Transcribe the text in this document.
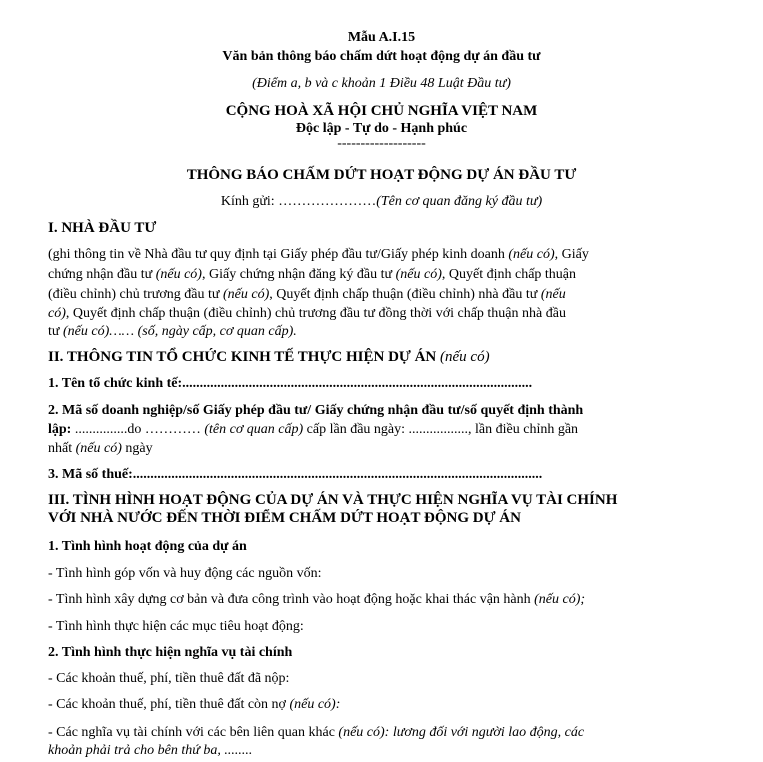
Mẫu A.I.15
Văn bản thông báo chấm dứt hoạt động dự án đầu tư
(Điểm a, b và c khoản 1 Điều 48 Luật Đầu tư)
CỘNG HOÀ XÃ HỘI CHỦ NGHĨA VIỆT NAM
Độc lập - Tự do - Hạnh phúc
-------------------
THÔNG BÁO CHẤM DỨT HOẠT ĐỘNG DỰ ÁN ĐẦU TƯ
Kính gửi: …………………(Tên cơ quan đăng ký đầu tư)
I. NHÀ ĐẦU TƯ
(ghi thông tin về Nhà đầu tư quy định tại Giấy phép đầu tư/Giấy phép kinh doanh (nếu có), Giấy
chứng nhận đầu tư (nếu có), Giấy chứng nhận đăng ký đầu tư (nếu có), Quyết định chấp thuận
(điều chỉnh) chủ trương đầu tư (nếu có), Quyết định chấp thuận (điều chỉnh) nhà đầu tư (nếu
có), Quyết định chấp thuận (điều chỉnh) chủ trương đầu tư đồng thời với chấp thuận nhà đầu
tư (nếu có)…… (số, ngày cấp, cơ quan cấp).
II. THÔNG TIN TỔ CHỨC KINH TẾ THỰC HIỆN DỰ ÁN (nếu có)
1. Tên tổ chức kinh tế:....................................................................................................
2. Mã số doanh nghiệp/số Giấy phép đầu tư/ Giấy chứng nhận đầu tư/số quyết định thành
lập: ...............do ………… (tên cơ quan cấp) cấp lần đầu ngày: ................., lần điều chỉnh gần
nhất (nếu có) ngày
3. Mã số thuế:.....................................................................................................................
III. TÌNH HÌNH HOẠT ĐỘNG CỦA DỰ ÁN VÀ THỰC HIỆN NGHĨA VỤ TÀI CHÍNH
VỚI NHÀ NƯỚC ĐẾN THỜI ĐIỂM CHẤM DỨT HOẠT ĐỘNG DỰ ÁN
1. Tình hình hoạt động của dự án
- Tình hình góp vốn và huy động các nguồn vốn:
- Tình hình xây dựng cơ bản và đưa công trình vào hoạt động hoặc khai thác vận hành (nếu có);
- Tình hình thực hiện các mục tiêu hoạt động:
2. Tình hình thực hiện nghĩa vụ tài chính
- Các khoản thuế, phí, tiền thuê đất đã nộp:
- Các khoản thuế, phí, tiền thuê đất còn nợ (nếu có):
- Các nghĩa vụ tài chính với các bên liên quan khác (nếu có): lương đối với người lao động, các
khoản phải trả cho bên thứ ba, ........
